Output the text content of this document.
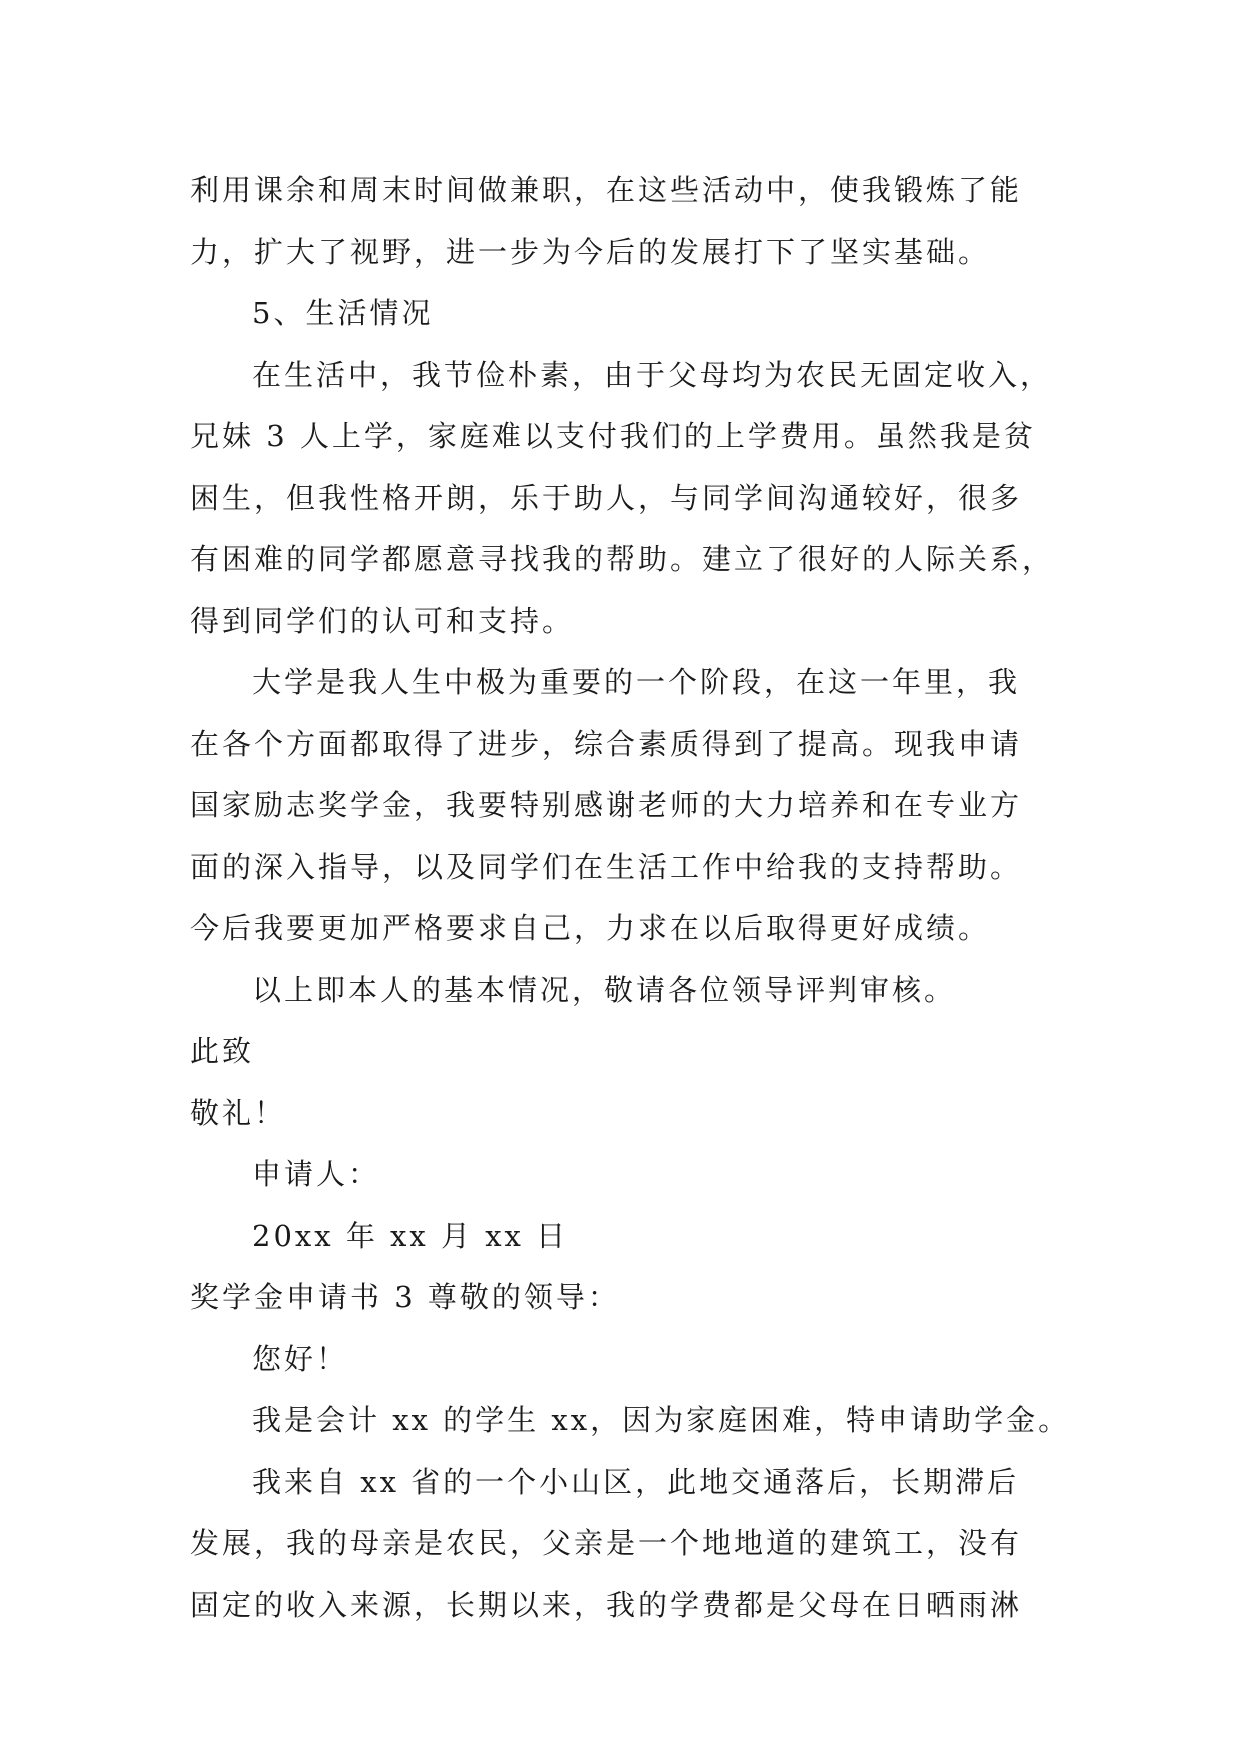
利用课余和周末时间做兼职，在这些活动中，使我锻炼了能
力，扩大了视野，进一步为今后的发展打下了坚实基础。
5、生活情况
在生活中，我节俭朴素，由于父母均为农民无固定收入，
兄妹 3 人上学，家庭难以支付我们的上学费用。虽然我是贫
困生，但我性格开朗，乐于助人，与同学间沟通较好，很多
有困难的同学都愿意寻找我的帮助。建立了很好的人际关系，
得到同学们的认可和支持。
大学是我人生中极为重要的一个阶段，在这一年里，我
在各个方面都取得了进步，综合素质得到了提高。现我申请
国家励志奖学金，我要特别感谢老师的大力培养和在专业方
面的深入指导，以及同学们在生活工作中给我的支持帮助。
今后我要更加严格要求自己，力求在以后取得更好成绩。
以上即本人的基本情况，敬请各位领导评判审核。
此致
敬礼！
申请人：
20xx 年 xx 月 xx 日
奖学金申请书 3 尊敬的领导：
您好！
我是会计 xx 的学生 xx，因为家庭困难，特申请助学金。
我来自 xx 省的一个小山区，此地交通落后，长期滞后
发展，我的母亲是农民，父亲是一个地地道的建筑工，没有
固定的收入来源，长期以来，我的学费都是父母在日晒雨淋
